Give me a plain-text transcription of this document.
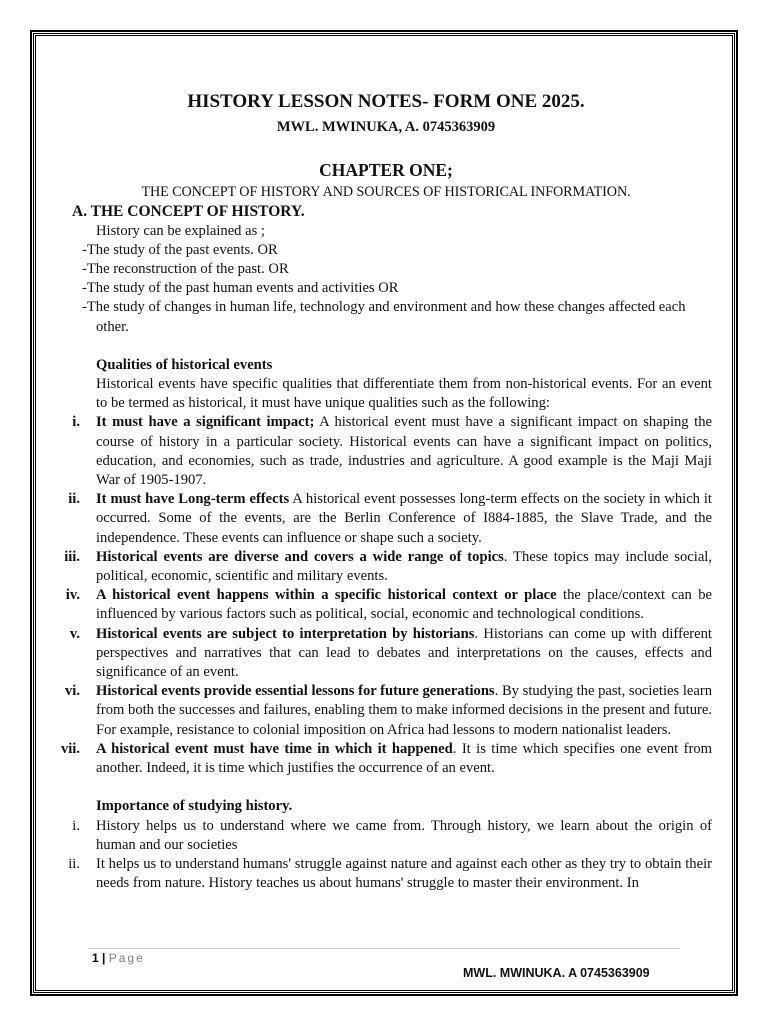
HISTORY LESSON NOTES- FORM ONE 2025.
MWL. MWINUKA, A. 0745363909
CHAPTER ONE;
THE CONCEPT OF HISTORY AND SOURCES OF HISTORICAL INFORMATION.
A. THE CONCEPT OF HISTORY.
History can be explained as ;
-The study of the past events. OR
-The reconstruction of the past. OR
-The study of the past human events and activities OR
-The study of changes in human life, technology and environment and how these changes affected each other.
Qualities of historical events
Historical events have specific qualities that differentiate them from non-historical events. For an event to be termed as historical, it must have unique qualities such as the following:
i. It must have a significant impact; A historical event must have a significant impact on shaping the course of history in a particular society. Historical events can have a significant impact on politics, education, and economies, such as trade, industries and agriculture. A good example is the Maji Maji War of 1905-1907.
ii. It must have Long-term effects A historical event possesses long-term effects on the society in which it occurred. Some of the events, are the Berlin Conference of I884-1885, the Slave Trade, and the independence. These events can influence or shape such a society.
iii. Historical events are diverse and covers a wide range of topics. These topics may include social, political, economic, scientific and military events.
iv. A historical event happens within a specific historical context or place the place/context can be influenced by various factors such as political, social, economic and technological conditions.
v. Historical events are subject to interpretation by historians. Historians can come up with different perspectives and narratives that can lead to debates and interpretations on the causes, effects and significance of an event.
vi. Historical events provide essential lessons for future generations. By studying the past, societies learn from both the successes and failures, enabling them to make informed decisions in the present and future. For example, resistance to colonial imposition on Africa had lessons to modern nationalist leaders.
vii. A historical event must have time in which it happened. It is time which specifies one event from another. Indeed, it is time which justifies the occurrence of an event.
Importance of studying history.
i. History helps us to understand where we came from. Through history, we learn about the origin of human and our societies
ii. It helps us to understand humans' struggle against nature and against each other as they try to obtain their needs from nature. History teaches us about humans' struggle to master their environment. In
1 | Page
MWL. MWINUKA. A 0745363909
